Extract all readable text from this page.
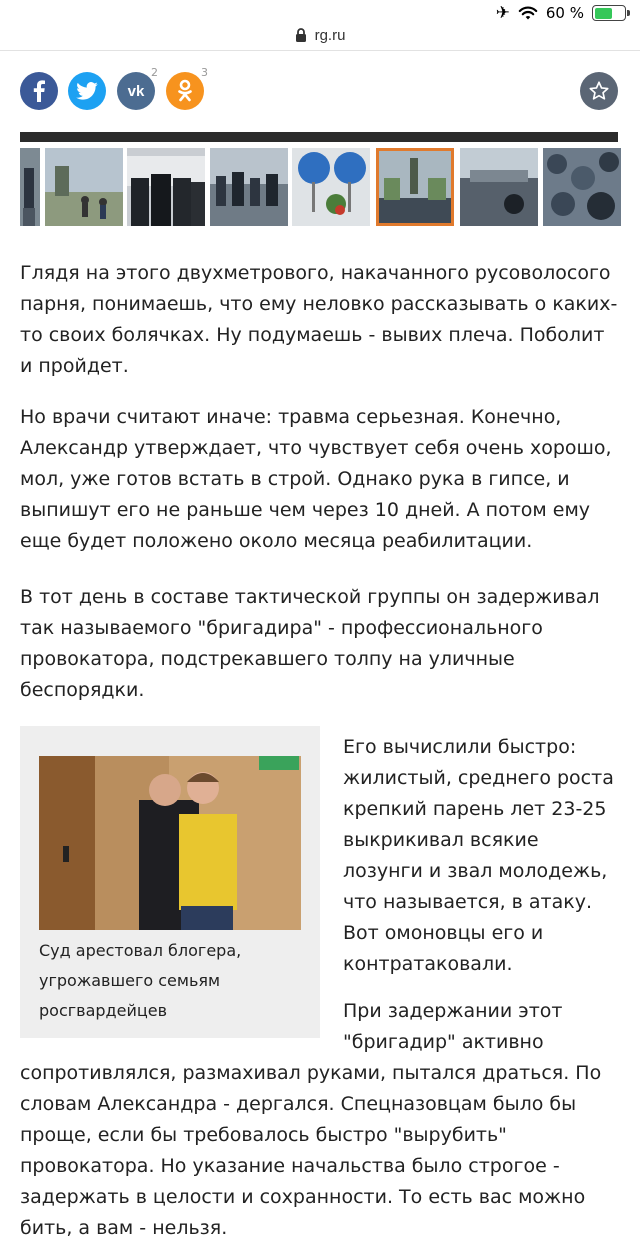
✈ 60 %
rg.ru
vk
2	3

Глядя на этого двухметрового, накачанного русоволосого парня, понимаешь, что ему неловко рассказывать о каких-то своих болячках. Ну подумаешь - вывих плеча. Поболит и пройдет.

Но врачи считают иначе: травма серьезная. Конечно, Александр утверждает, что чувствует себя очень хорошо, мол, уже готов встать в строй. Однако рука в гипсе, и выпишут его не раньше чем через 10 дней. А потом ему еще будет положено около месяца реабилитации.

В тот день в составе тактической группы он задерживал так называемого "бригадира" - профессионального провокатора, подстрекавшего толпу на уличные беспорядки.

Суд арестовал блогера, угрожавшего семьям росгвардейцев

Его вычислили быстро: жилистый, среднего роста крепкий парень лет 23-25 выкрикивал всякие лозунги и звал молодежь, что называется, в атаку. Вот омоновцы его и контратаковали.

При задержании этот "бригадир" активно

сопротивлялся, размахивал руками, пытался драться. По словам Александра - дергался. Спецназовцам было бы проще, если бы требовалось быстро "вырубить" провокатора. Но указание начальства было строгое - задержать в целости и сохранности. То есть вас можно бить, а вам - нельзя.
